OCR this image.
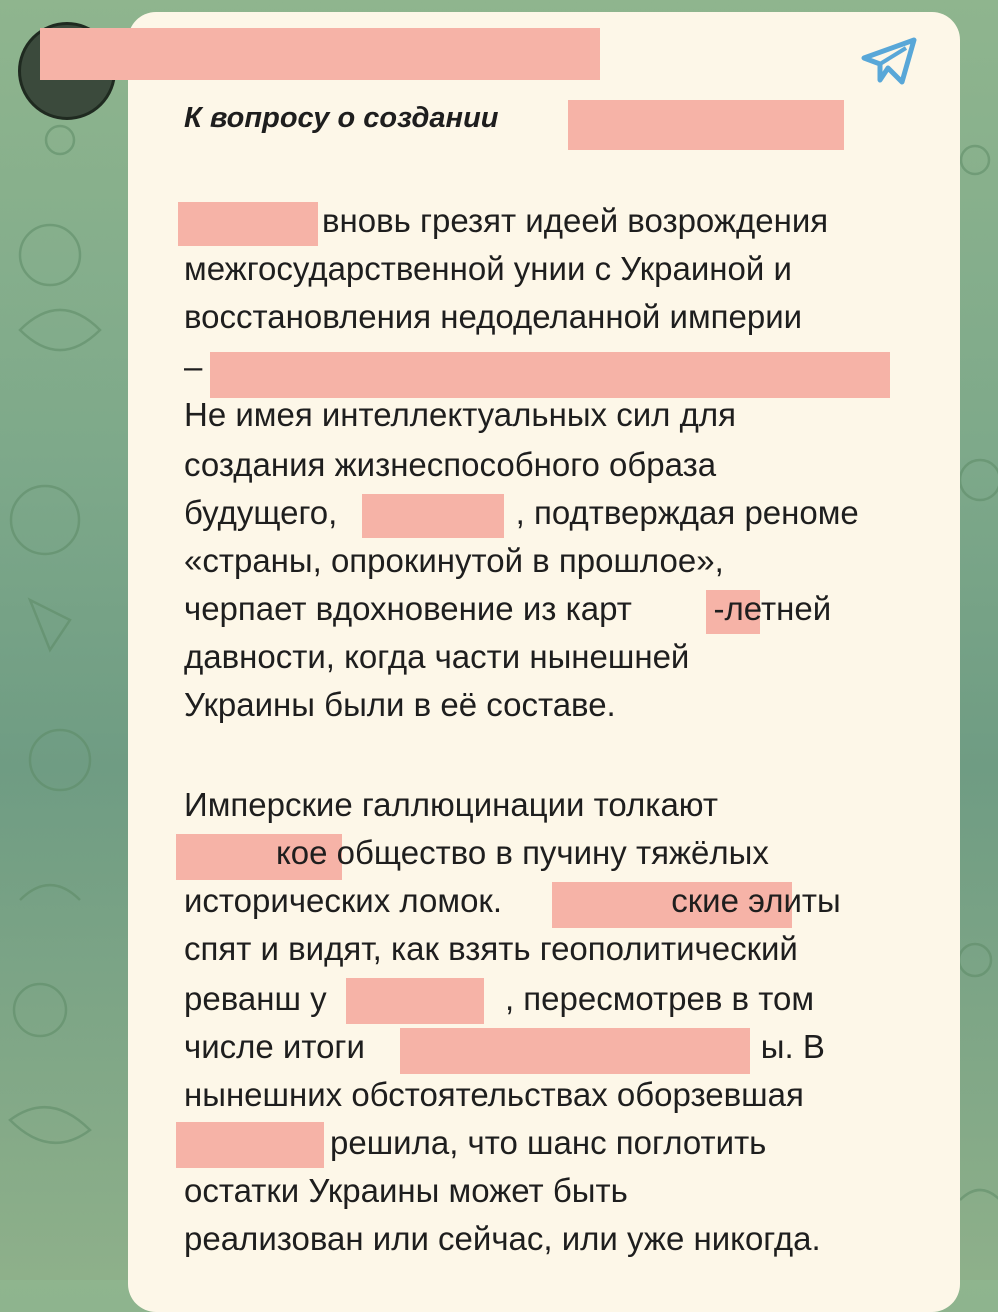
К вопросу о создании

вновь грезят идеей возрождения

межгосударственной унии с Украиной и

восстановления недоделанной империи

–

Не имея интеллектуальных сил для

создания жизнеспособного образа

будущего, ⠀⠀⠀⠀⠀⠀⠀, подтверждая реноме

«страны, опрокинутой в прошлое»,

черпает вдохновение из карт ⠀⠀⠀-летней

давности, когда части нынешней

Украины были в её составе.

Имперские галлюцинации толкают

кое общество в пучину тяжёлых

исторических ломок.⠀⠀⠀⠀⠀⠀⠀ские элиты

спят и видят, как взять геополитический

реванш у ⠀⠀⠀⠀⠀⠀⠀, пересмотрев в том

числе итоги ⠀⠀⠀⠀⠀⠀⠀⠀⠀⠀⠀⠀⠀⠀⠀⠀ы. В

нынешних обстоятельствах оборзевшая

решила, что шанс поглотить

остатки Украины может быть

реализован или сейчас, или уже никогда.
